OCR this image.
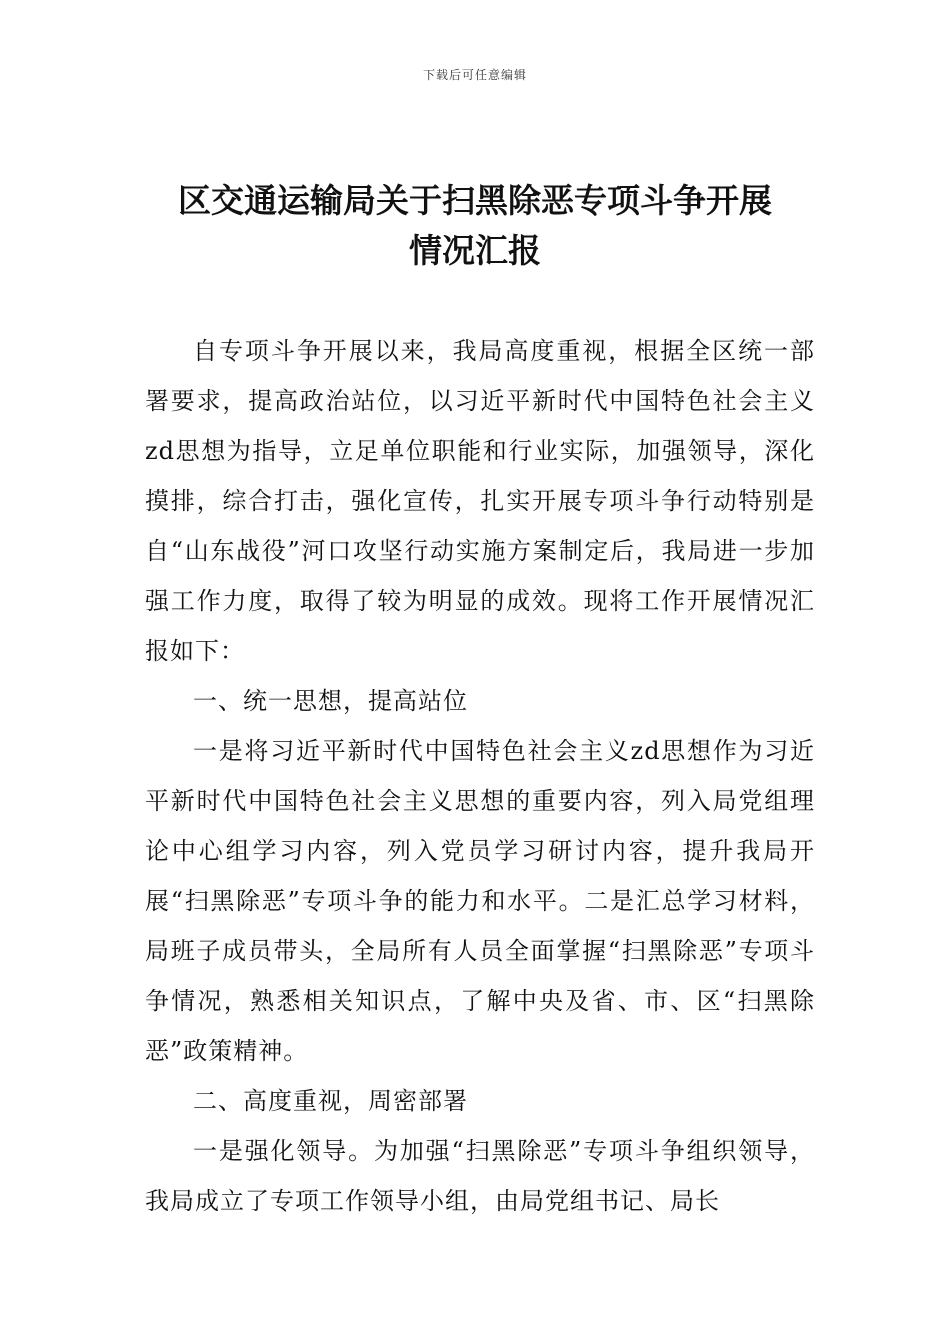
下载后可任意编辑
区交通运输局关于扫黑除恶专项斗争开展
情况汇报

自专项斗争开展以来，我局高度重视，根据全区统一部署要求，提高政治站位，以习近平新时代中国特色社会主义zd思想为指导，立足单位职能和行业实际，加强领导，深化摸排，综合打击，强化宣传，扎实开展专项斗争行动特别是自“山东战役”河口攻坚行动实施方案制定后，我局进一步加强工作力度，取得了较为明显的成效。现将工作开展情况汇报如下：

一、统一思想，提高站位

一是将习近平新时代中国特色社会主义zd思想作为习近平新时代中国特色社会主义思想的重要内容，列入局党组理论中心组学习内容，列入党员学习研讨内容，提升我局开展“扫黑除恶”专项斗争的能力和水平。二是汇总学习材料，局班子成员带头，全局所有人员全面掌握“扫黑除恶”专项斗争情况，熟悉相关知识点，了解中央及省、市、区“扫黑除恶”政策精神。

二、高度重视，周密部署

一是强化领导。为加强“扫黑除恶”专项斗争组织领导，我局成立了专项工作领导小组，由局党组书记、局长
